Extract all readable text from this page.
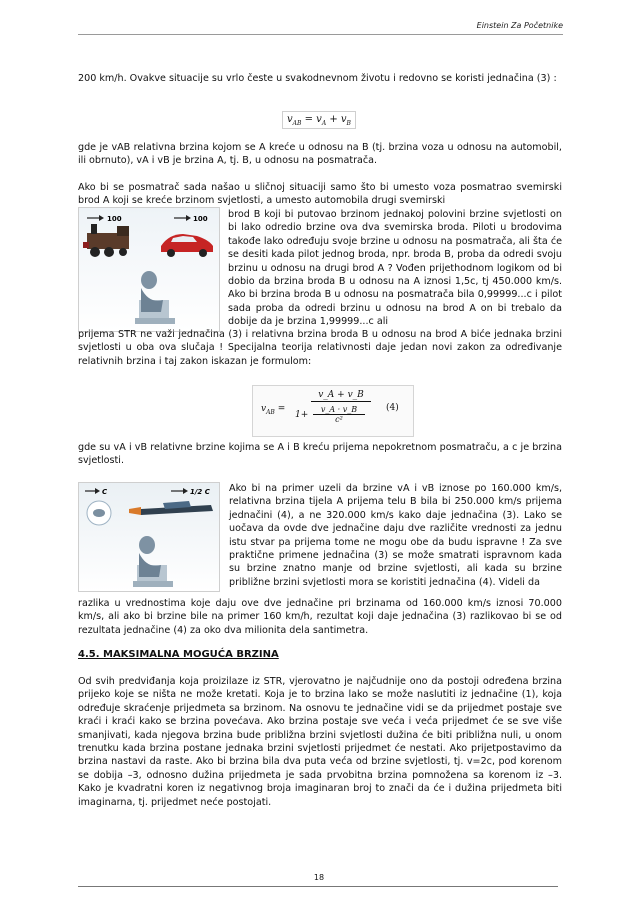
Einstein Za Početnike

200 km/h. Ovakve situacije su vrlo česte u svakodnevnom životu i redovno se koristi jednačina (3) :

$v_{AB} = v_A + v_B$

gde je vAB relativna brzina kojom se A kreće u odnosu na B (tj. brzina voza u odnosu na automobil, ili obrnuto), vA i vB je brzina A, tj. B, u odnosu na posmatrača.

Ako bi se posmatrač sada našao u sličnoj situaciji samo što bi umesto voza posmatrao svemirski brod A koji se kreće brzinom svjetlosti, a umesto automobila drugi svemirski

100	100 brod B koji bi putovao brzinom jednakoj polovini brzine svjetlosti on bi lako odredio brzine ova dva svemirska broda. Piloti u brodovima takođe lako određuju svoje brzine u odnosu na posmatrača, ali šta će se desiti kada pilot jednog broda, npr. broda B, proba da odredi svoju brzinu u odnosu na drugi brod A ? Vođen prijethodnom logikom od bi dobio da brzina broda B u odnosu na A iznosi 1,5c, tj 450.000 km/s. Ako bi brzina broda B u odnosu na posmatrača bila 0,99999...c i pilot sada proba da odredi brzinu u odnosu na brod A on bi trebalo da dobije da je brzina 1,99999...c ali

prijema STR ne važi jednačina (3) i relativna brzina broda B u odnosu na brod A biće jednaka brzini svjetlosti u oba ova slučaja ! Specijalna teorija relativnosti daje jedan novi zakon za određivanje relativnih brzina i taj zakon iskazan je formulom:

$v_{AB}$ =
v_A + v_B
$1+ \frac{v\_A \cdot v\_B}{\text{c²}} (4)$

gde su vA i vB relativne brzine kojima se A i B kreću prijema nepokretnom posmatraču, a c je brzina svjetlosti.

C	1/2 C Ako bi na primer uzeli da brzine vA i vB iznose po 160.000 km/s, relativna brzina tijela A prijema telu B bila bi 250.000 km/s prijema jednačini (4), a ne 320.000 km/s kako daje jednačina (3). Lako se uočava da ovde dve jednačine daju dve različite vrednosti za jednu istu stvar pa prijema tome ne mogu obe da budu ispravne ! Za sve praktične primene jednačina (3) se može smatrati ispravnom kada su brzine znatno manje od brzine svjetlosti, ali kada su brzine približne brzini svjetlosti mora se koristiti jednačina (4). Videli da

razlika u vrednostima koje daju ove dve jednačine pri brzinama od 160.000 km/s iznosi 70.000 km/s, ali ako bi brzine bile na primer 160 km/h, rezultat koji daje jednačina (3) razlikovao bi se od rezultata jednačine (4) za oko dva milionita dela santimetra.

4.5. MAKSIMALNA MOGUĆA BRZINA

Od svih predviđanja koja proizilaze iz STR, vjerovatno je najčudnije ono da postoji određena brzina prijeko koje se ništa ne može kretati. Koja je to brzina lako se može naslutiti iz jednačine (1), koja određuje skraćenje prijedmeta sa brzinom. Na osnovu te jednačine vidi se da prijedmet postaje sve kraći i kraći kako se brzina povećava. Ako brzina postaje sve veća i veća prijedmet će se sve više smanjivati, kada njegova brzina bude približna brzini svjetlosti dužina će biti približna nuli, u onom trenutku kada brzina postane jednaka brzini svjetlosti prijedmet će nestati. Ako prijetpostavimo da brzina nastavi da raste. Ako bi brzina bila dva puta veća od brzine svjetlosti, tj. v=2c, pod korenom se dobija –3, odnosno dužina prijedmeta je sada prvobitna brzina pomnožena sa korenom iz –3. Kako je kvadratni koren iz negativnog broja imaginaran broj to znači da će i dužina prijedmeta biti imaginarna, tj. prijedmet neće postojati.

18
